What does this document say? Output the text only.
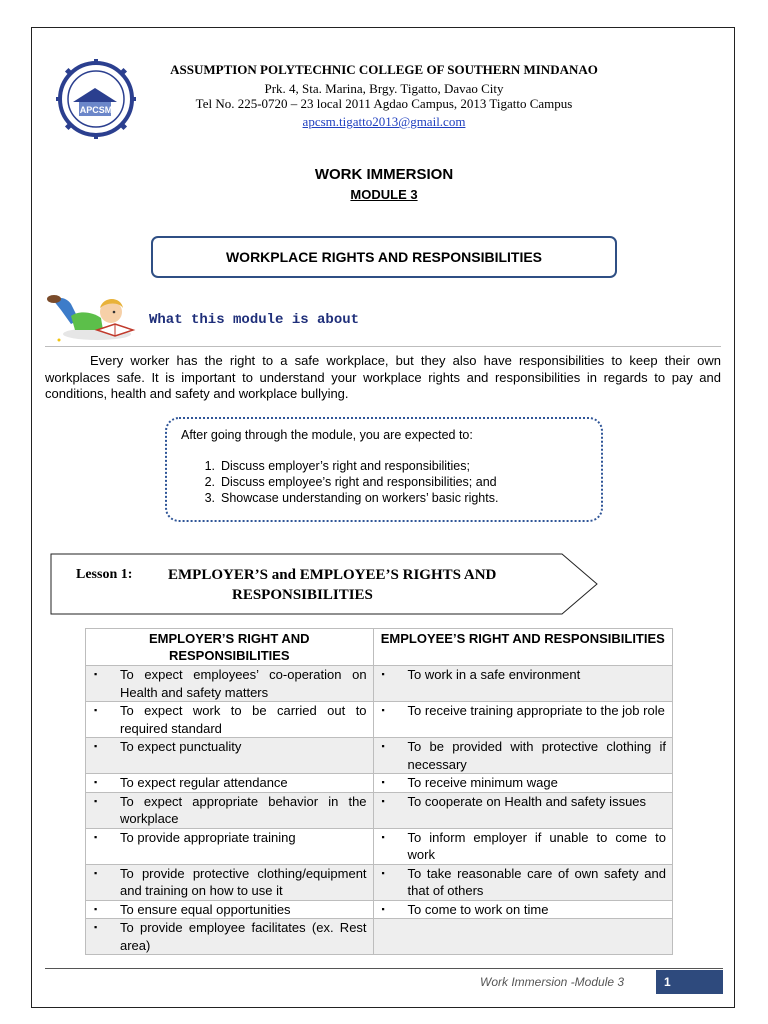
APCSM
ASSUMPTION POLYTECHNIC COLLEGE OF SOUTHERN MINDANAO
Prk. 4, Sta. Marina, Brgy. Tigatto, Davao City
Tel No. 225-0720 – 23 local 2011 Agdao Campus, 2013 Tigatto Campus
apcsm.tigatto2013@gmail.com
WORK IMMERSION
MODULE 3
WORKPLACE RIGHTS AND RESPONSIBILITIES
What this module is about
Every worker has the right to a safe workplace, but they also have responsibilities to keep their own workplaces safe. It is important to understand your workplace rights and responsibilities in regards to pay and conditions, health and safety and workplace bullying.
After going through the module, you are expected to:
1. Discuss employer’s right and responsibilities;
2. Discuss employee’s right and responsibilities; and
3. Showcase understanding on workers’ basic rights.
Lesson 1: EMPLOYER’S and EMPLOYEE’S RIGHTS AND
RESPONSIBILITIES
EMPLOYER’S RIGHT AND RESPONSIBILITIES	EMPLOYEE’S RIGHT AND RESPONSIBILITIES

▪ To expect employees’ co-operation on Health and safety matters	▪ To work in a safe environment

▪ To expect work to be carried out to required standard	▪ To receive training appropriate to the job role

▪ To expect punctuality	▪ To be provided with protective clothing if necessary

▪ To expect regular attendance	▪ To receive minimum wage

▪ To expect appropriate behavior in the workplace	▪ To cooperate on Health and safety issues

▪ To provide appropriate training	▪ To inform employer if unable to come to work

▪ To provide protective clothing/equipment and training on how to use it	▪ To take reasonable care of own safety and that of others

▪ To ensure equal opportunities	▪ To come to work on time

▪ To provide employee facilitates (ex. Rest area)	

Work Immersion -Module 3	1
